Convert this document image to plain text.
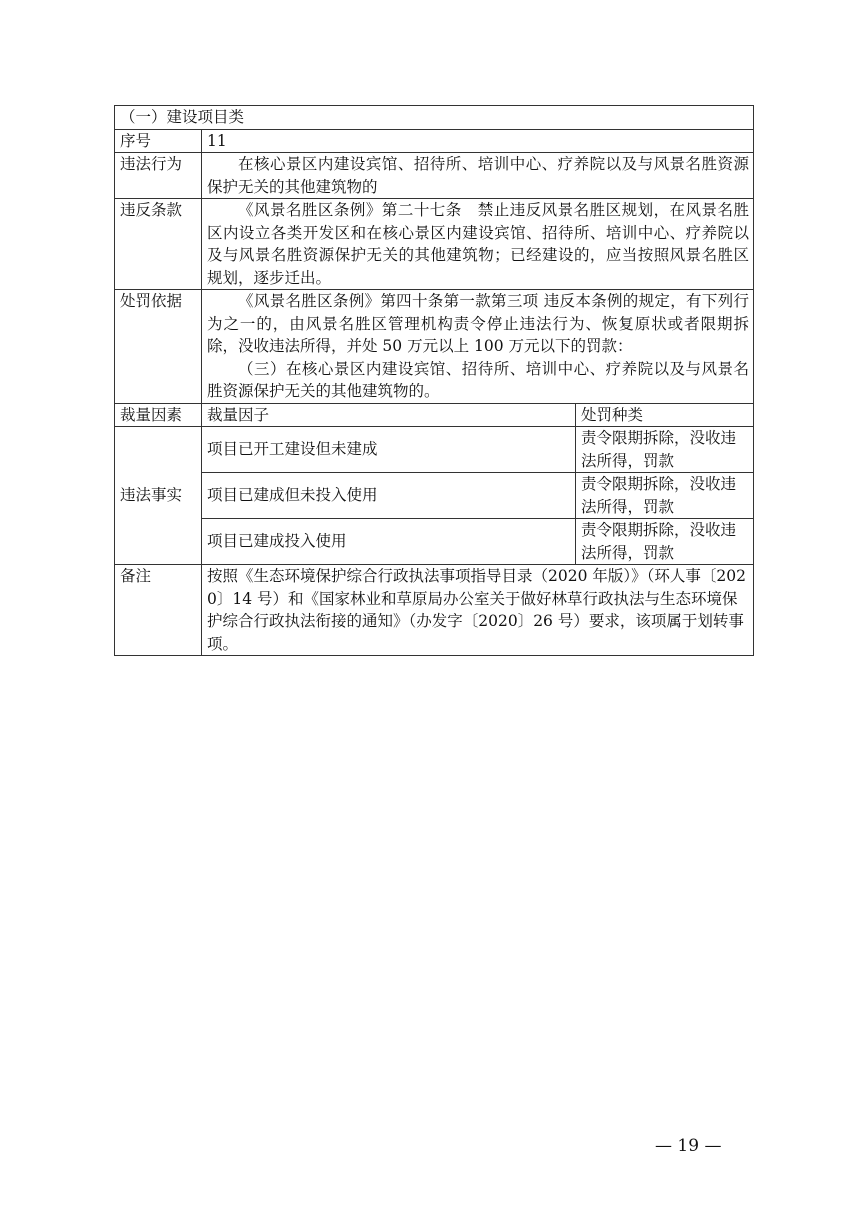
（一）建设项目类		
序号	11	
违法行为	在核心景区内建设宾馆、招待所、培训中心、疗养院以及与风景名胜资源保护无关的其他建筑物的	

违反条款	《风景名胜区条例》第二十七条　禁止违反风景名胜区规划，在风景名胜区内设立各类开发区和在核心景区内建设宾馆、招待所、培训中心、疗养院以及与风景名胜资源保护无关的其他建筑物；已经建设的，应当按照风景名胜区规划，逐步迁出。	

处罚依据	《风景名胜区条例》第四十条第一款第三项 违反本条例的规定，有下列行为之一的，由风景名胜区管理机构责令停止违法行为、恢复原状或者限期拆除，没收违法所得，并处 50 万元以上 100 万元以下的罚款：
（三）在核心景区内建设宾馆、招待所、培训中心、疗养院以及与风景名胜资源保护无关的其他建筑物的。	

裁量因素	裁量因子	处罚种类
违法事实	项目已开工建设但未建成	责令限期拆除，没收违法所得，罚款
	项目已建成但未投入使用	责令限期拆除，没收违法所得，罚款
	项目已建成投入使用	责令限期拆除，没收违法所得，罚款
备注	按照《生态环境保护综合行政执法事项指导目录（2020 年版）》（环人事〔2020〕14 号）和《国家林业和草原局办公室关于做好林草行政执法与生态环境保护综合行政执法衔接的通知》（办发字〔2020〕26 号）要求，该项属于划转事项。	
— 19 —
